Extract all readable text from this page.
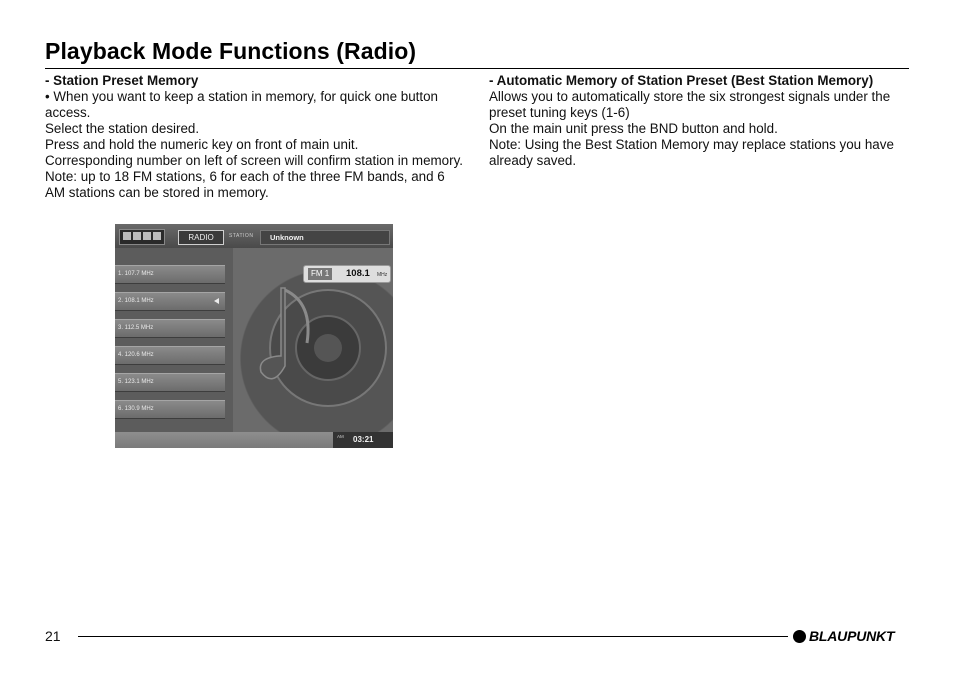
Playback Mode Functions (Radio)

- Station Preset Memory

• When you want to keep a station in memory, for quick one button access.

Select the station desired.

Press and hold the numeric key on front of main unit.

Corresponding number on left of screen will confirm station in memory.

Note: up to 18 FM stations, 6 for each of the three FM bands, and 6 AM stations can be stored in memory.

- Automatic Memory of Station Preset (Best Station Memory)

Allows you to automatically store the six strongest signals under the preset tuning keys (1-6)

On the main unit press the BND button and hold.

Note: Using the Best Station Memory may replace stations you have already saved.

RADIO	STATION Unknown
FM 1	108.1 MHz
1. 107.7 MHz
2. 108.1 MHz
3. 112.5 MHz
4. 120.6 MHz
5. 123.1 MHz
6. 130.9 MHz
AM 03:21
21	BLAUPUNKT
